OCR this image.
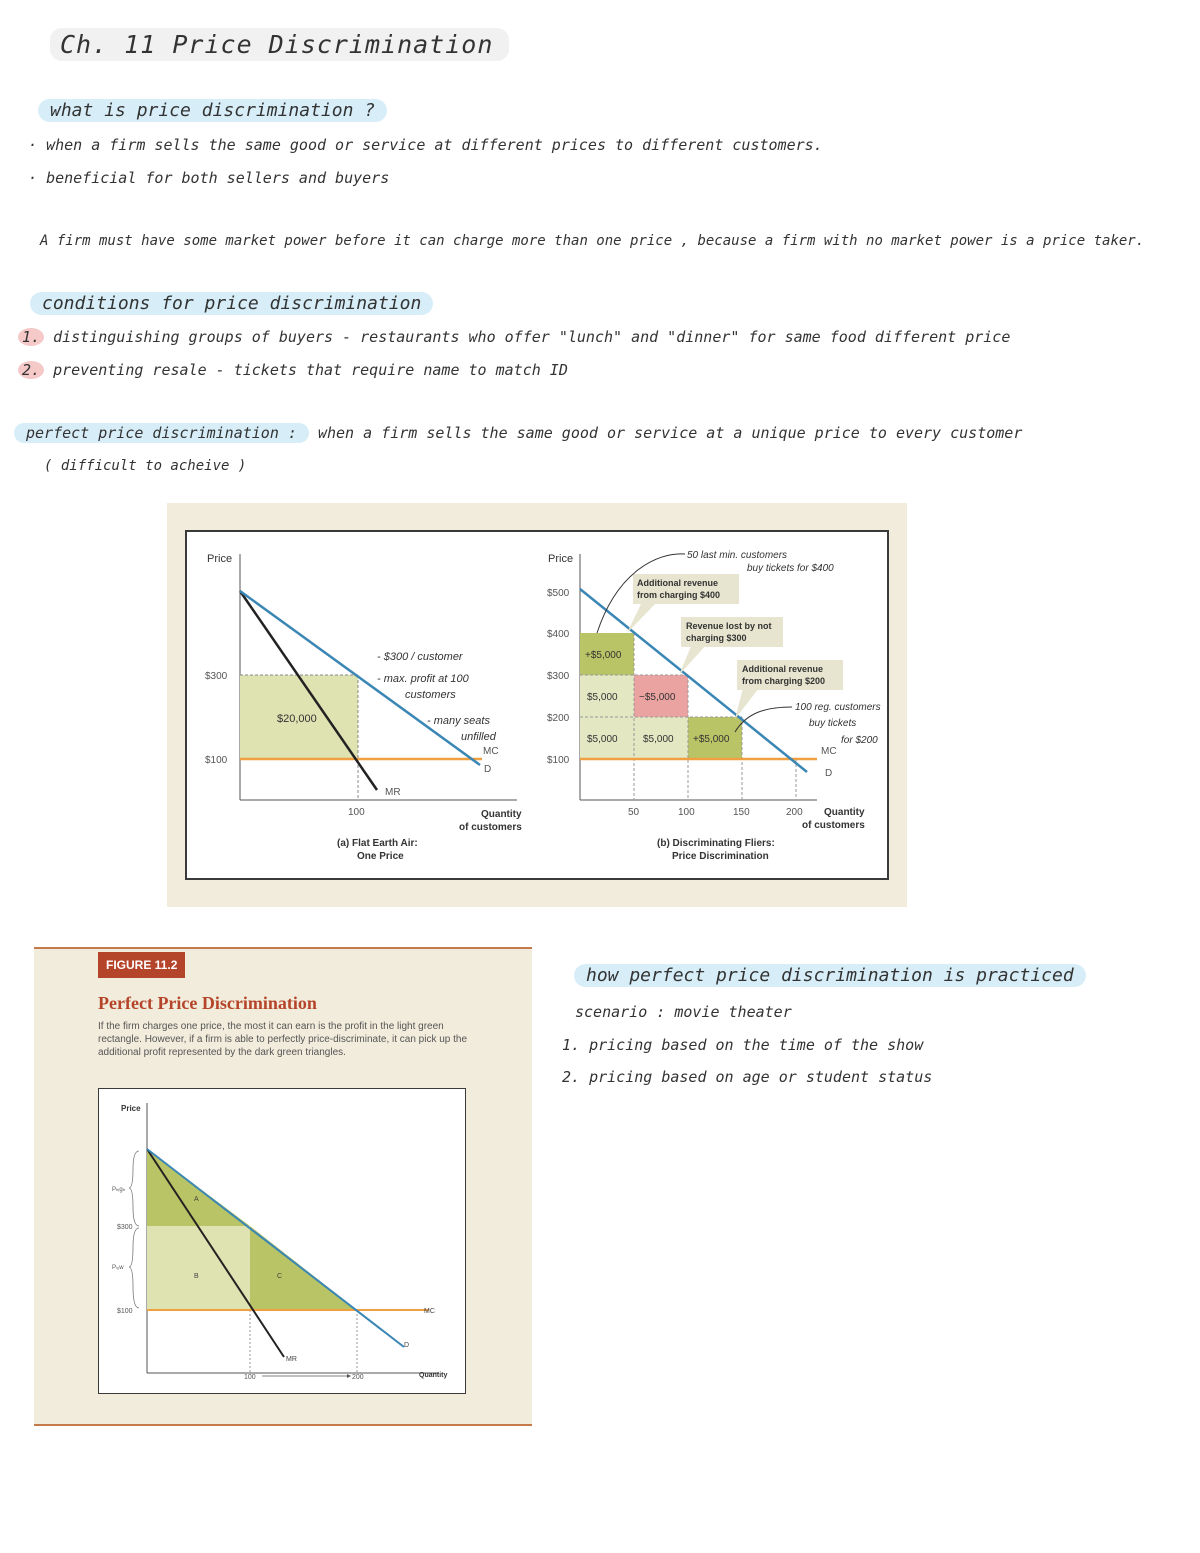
Ch. 11 Price Discrimination
what is price discrimination ?
· when a firm sells the same good or service at different prices to different customers.
· beneficial for both sellers and buyers
A firm must have some market power before it can charge more than one price , because a firm with no market power is a price taker.
conditions for price discrimination
1. distinguishing groups of buyers - restaurants who offer "lunch" and "dinner" for same food different price
2. preventing resale - tickets that require name to match ID
perfect price discrimination : when a firm sells the same good or service at a unique price to every customer
( difficult to acheive )
Price
$300
$100
$20,000
MR
MC
D
100	Quantity
of customers
(a) Flat Earth Air:
One Price
- $300 / customer
- max. profit at 100
customers
- many seats
unfilled
Price
$500
$400
$300
$200
$100
+$5,000
$5,000 −$5,000
$5,000	$5,000 +$5,000
MC
D
Additional revenue
from charging $400
Revenue lost by not
charging $300
Additional revenue
from charging $200
50 last min. customers
buy tickets for $400
100 reg. customers
buy tickets
for $200
50	100	150	200 Quantity
of customers
(b) Discriminating Fliers:
Price Discrimination
FIGURE 11.2
Perfect Price Discrimination
If the firm charges one price, the most it can earn is the profit in the light green rectangle. However, if a firm is able to perfectly price-discriminate, it can pick up the additional profit represented by the dark green triangles.
Price
A
B	C
MR
MC
D
Pₕᵢgₕ
$300
Pₗₒw
$100
100	200	Quantity
how perfect price discrimination is practiced
scenario : movie theater
1. pricing based on the time of the show
2. pricing based on age or student status
